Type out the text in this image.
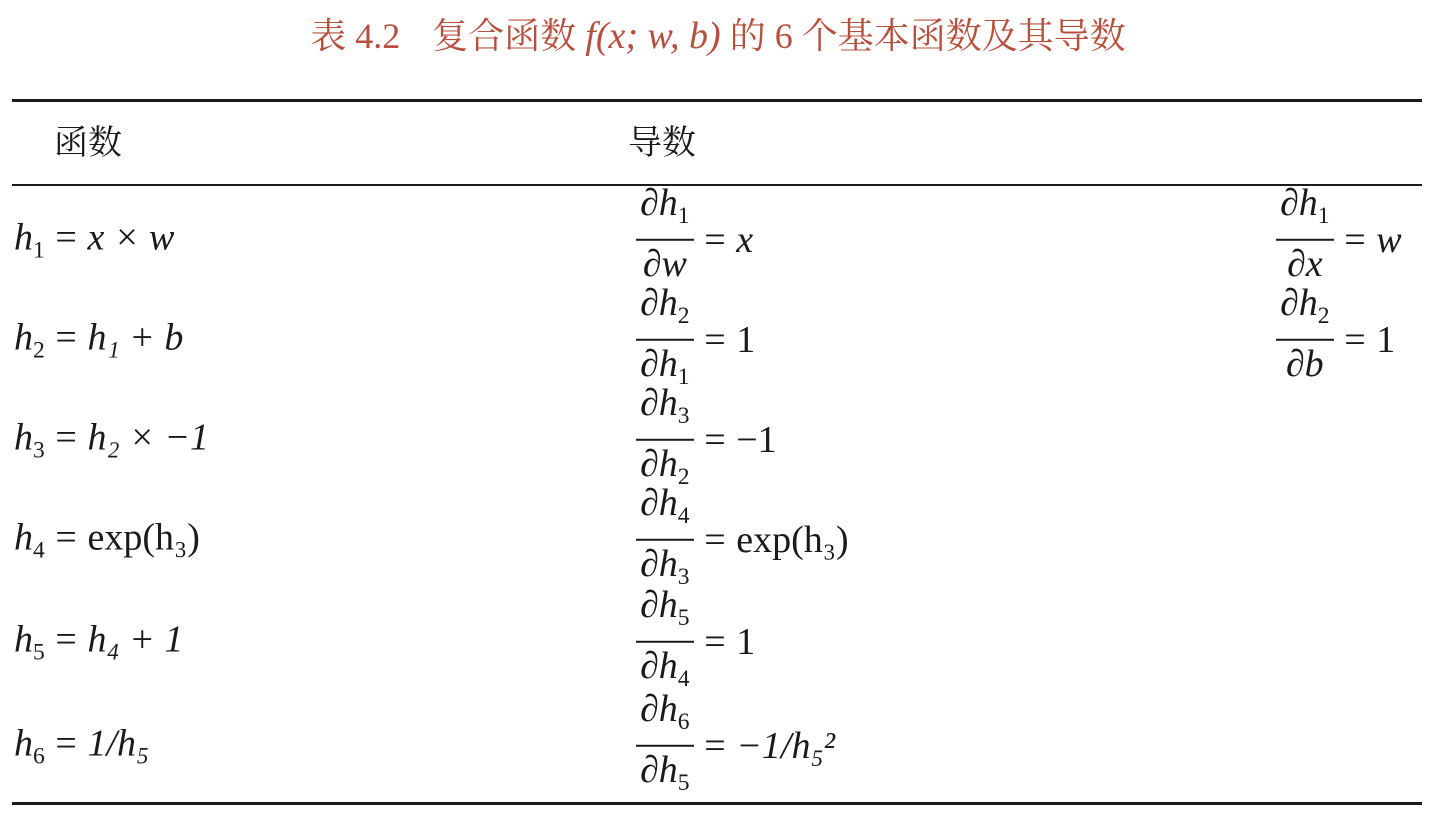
表 4.2 复合函数 f(x; w, b) 的 6 个基本函数及其导数
函数	导数
$h_1 = x \times w$	$\frac{\partial h_1}{\partial w} = x$	$\frac{\partial h_1}{\partial x} = w$
$h_2 = h_1 + b$	$\frac{\partial h_2}{\partial h_1} = 1$	$\frac{\partial h_2}{\partial b} = 1$
$h_3 = h_2 \times -1$	$\frac{\partial h_3}{\partial h_2} = -1$
$h_4 = \exp(h_3)$	$\frac{\partial h_4}{\partial h_3} = \exp(h_3)$
$h_5 = h_4 + 1$	$\frac{\partial h_5}{\partial h_4} = 1$
$h_6 = 1/h_5$	$\frac{\partial h_6}{\partial h_5} = -1/h_5^2$
